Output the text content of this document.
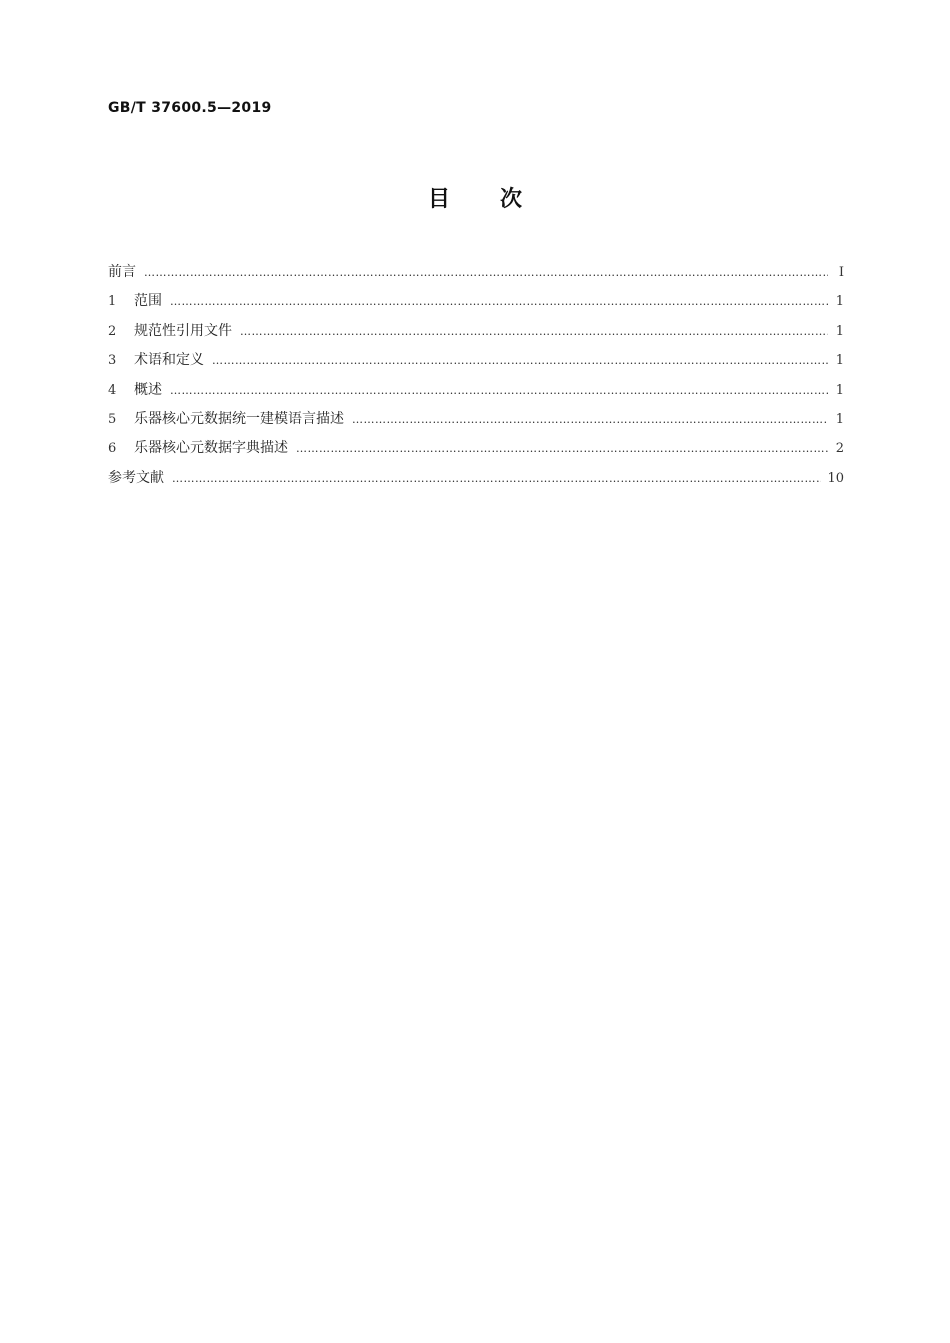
GB/T 37600.5—2019
目次
前言 ……………………………………………………………………………………………………………………………………………………………………………………………………………………	Ⅰ
1	范围 ……………………………………………………………………………………………………………………………………………………………………………………………………………………	1
2	规范性引用文件 ……………………………………………………………………………………………………………………………………………………………………………………………………………………	1
3	术语和定义 ……………………………………………………………………………………………………………………………………………………………………………………………………………………	1
4	概述 ……………………………………………………………………………………………………………………………………………………………………………………………………………………	1
5	乐器核心元数据统一建模语言描述 ……………………………………………………………………………………………………………………………………………………………………………………………………………………	1
6	乐器核心元数据字典描述 ……………………………………………………………………………………………………………………………………………………………………………………………………………………	2
参考文献 ……………………………………………………………………………………………………………………………………………………………………………………………………………………	10
